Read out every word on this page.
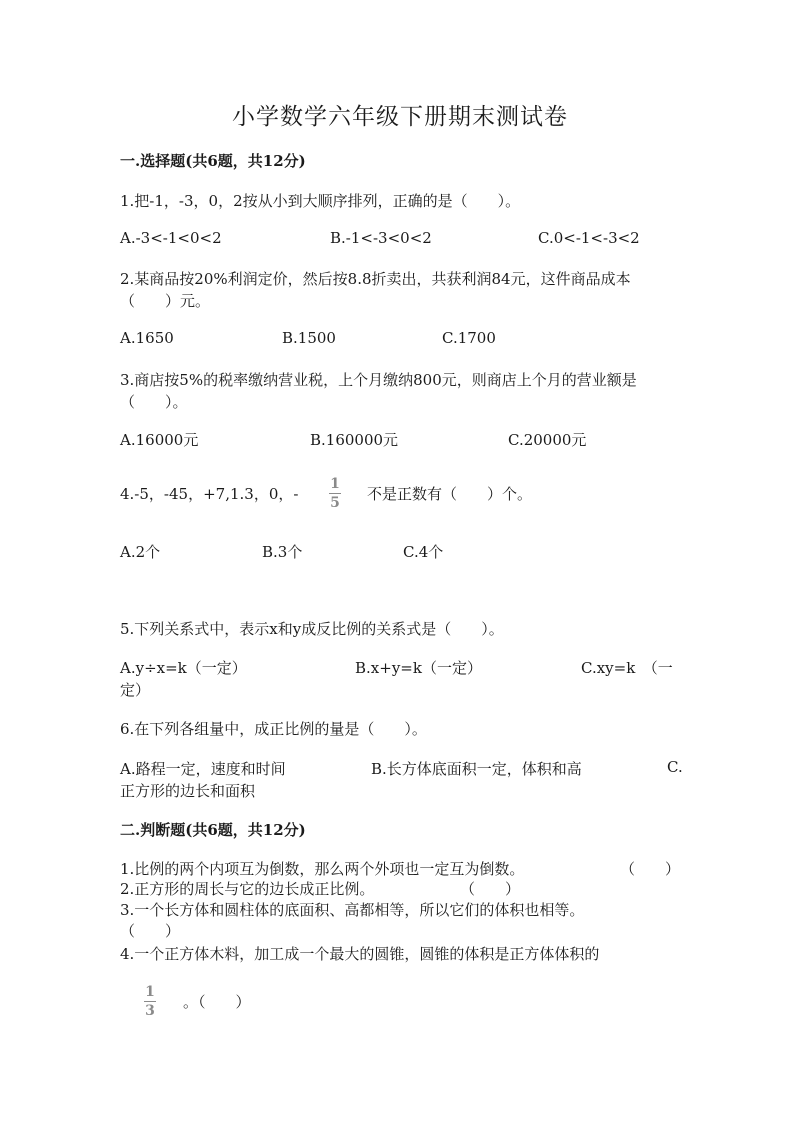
小学数学六年级下册期末测试卷
一.选择题(共6题，共12分)
1.把-1，-3，0，2按从小到大顺序排列，正确的是（　　）。
A.-3<-1<0<2	B.-1<-3<0<2	C.0<-1<-3<2
2.某商品按20%利润定价，然后按8.8折卖出，共获利润84元，这件商品成本
（　　）元。
A.1650	B.1500	C.1700
3.商店按5%的税率缴纳营业税，上个月缴纳800元，则商店上个月的营业额是
（　　）。
A.16000元	B.160000元	C.20000元
4.-5，-45，+7,1.3，0，-
1
5 不是正数有（　　）个。
A.2个	B.3个	C.4个
5.下列关系式中，表示x和y成反比例的关系式是（　　）。
A.y÷x=k（一定）	B.x+y=k（一定）	C.xy=k　（一
定）
6.在下列各组量中，成正比例的量是（　　）。
A.路程一定，速度和时间	B.长方体底面积一定，体积和高	C.
正方形的边长和面积
二.判断题(共6题，共12分)
1.比例的两个内项互为倒数，那么两个外项也一定互为倒数。	（　　）
2.正方形的周长与它的边长成正比例。	（　　）
3.一个长方体和圆柱体的底面积、高都相等，所以它们的体积也相等。
（　　）
4.一个正方体木料，加工成一个最大的圆锥，圆锥的体积是正方体体积的
1
3 。（　　）
